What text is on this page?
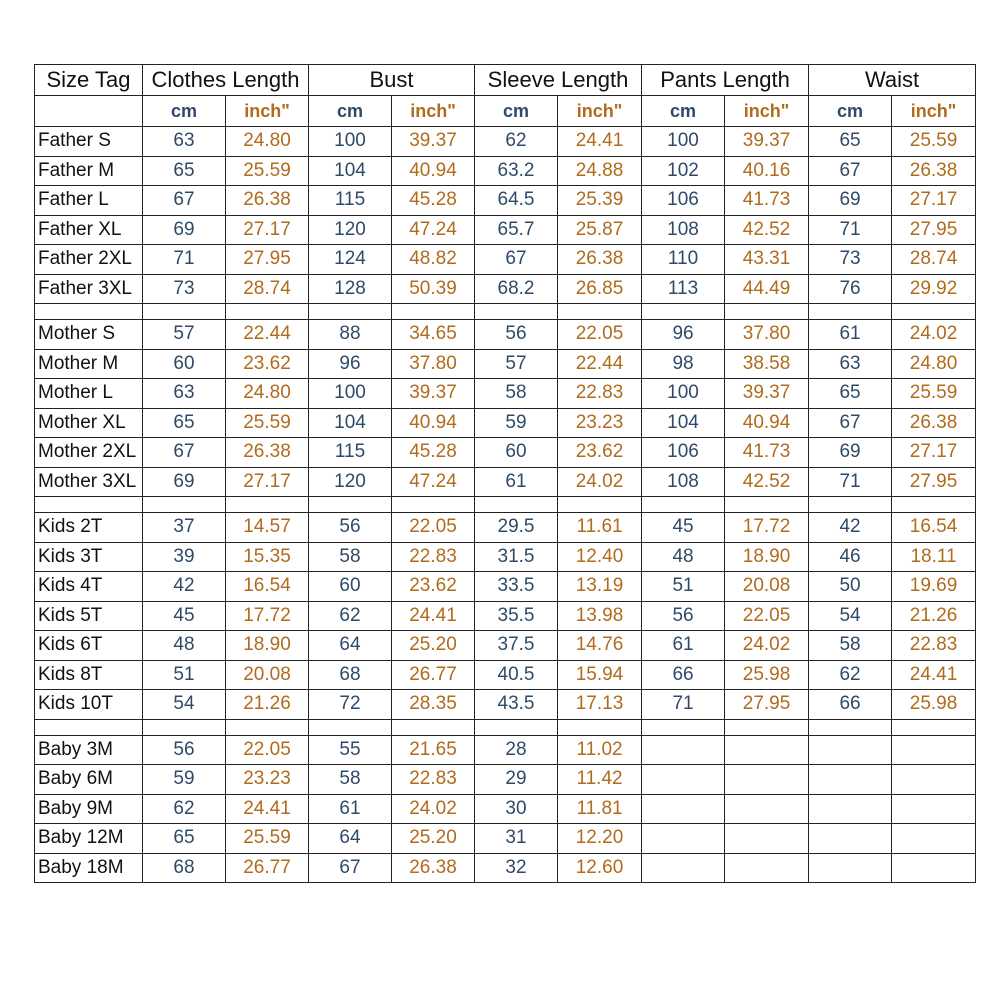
Size Tag	Clothes Length		Bust		Sleeve Length		Pants Length		Waist	
	cm	inch"	cm	inch"	cm	inch"	cm	inch"	cm	inch"
Father S	63	24.80	100	39.37	62	24.41	100	39.37	65	25.59
Father M	65	25.59	104	40.94	63.2	24.88	102	40.16	67	26.38
Father L	67	26.38	115	45.28	64.5	25.39	106	41.73	69	27.17
Father XL	69	27.17	120	47.24	65.7	25.87	108	42.52	71	27.95
Father 2XL	71	27.95	124	48.82	67	26.38	110	43.31	73	28.74
Father 3XL	73	28.74	128	50.39	68.2	26.85	113	44.49	76	29.92

Mother S	57	22.44	88	34.65	56	22.05	96	37.80	61	24.02
Mother M	60	23.62	96	37.80	57	22.44	98	38.58	63	24.80
Mother L	63	24.80	100	39.37	58	22.83	100	39.37	65	25.59
Mother XL	65	25.59	104	40.94	59	23.23	104	40.94	67	26.38
Mother 2XL	67	26.38	115	45.28	60	23.62	106	41.73	69	27.17
Mother 3XL	69	27.17	120	47.24	61	24.02	108	42.52	71	27.95

Kids 2T	37	14.57	56	22.05	29.5	11.61	45	17.72	42	16.54
Kids 3T	39	15.35	58	22.83	31.5	12.40	48	18.90	46	18.11
Kids 4T	42	16.54	60	23.62	33.5	13.19	51	20.08	50	19.69
Kids 5T	45	17.72	62	24.41	35.5	13.98	56	22.05	54	21.26
Kids 6T	48	18.90	64	25.20	37.5	14.76	61	24.02	58	22.83
Kids 8T	51	20.08	68	26.77	40.5	15.94	66	25.98	62	24.41
Kids 10T	54	21.26	72	28.35	43.5	17.13	71	27.95	66	25.98

Baby 3M	56	22.05	55	21.65	28	11.02				
Baby 6M	59	23.23	58	22.83	29	11.42				
Baby 9M	62	24.41	61	24.02	30	11.81				
Baby 12M	65	25.59	64	25.20	31	12.20				
Baby 18M	68	26.77	67	26.38	32	12.60				
